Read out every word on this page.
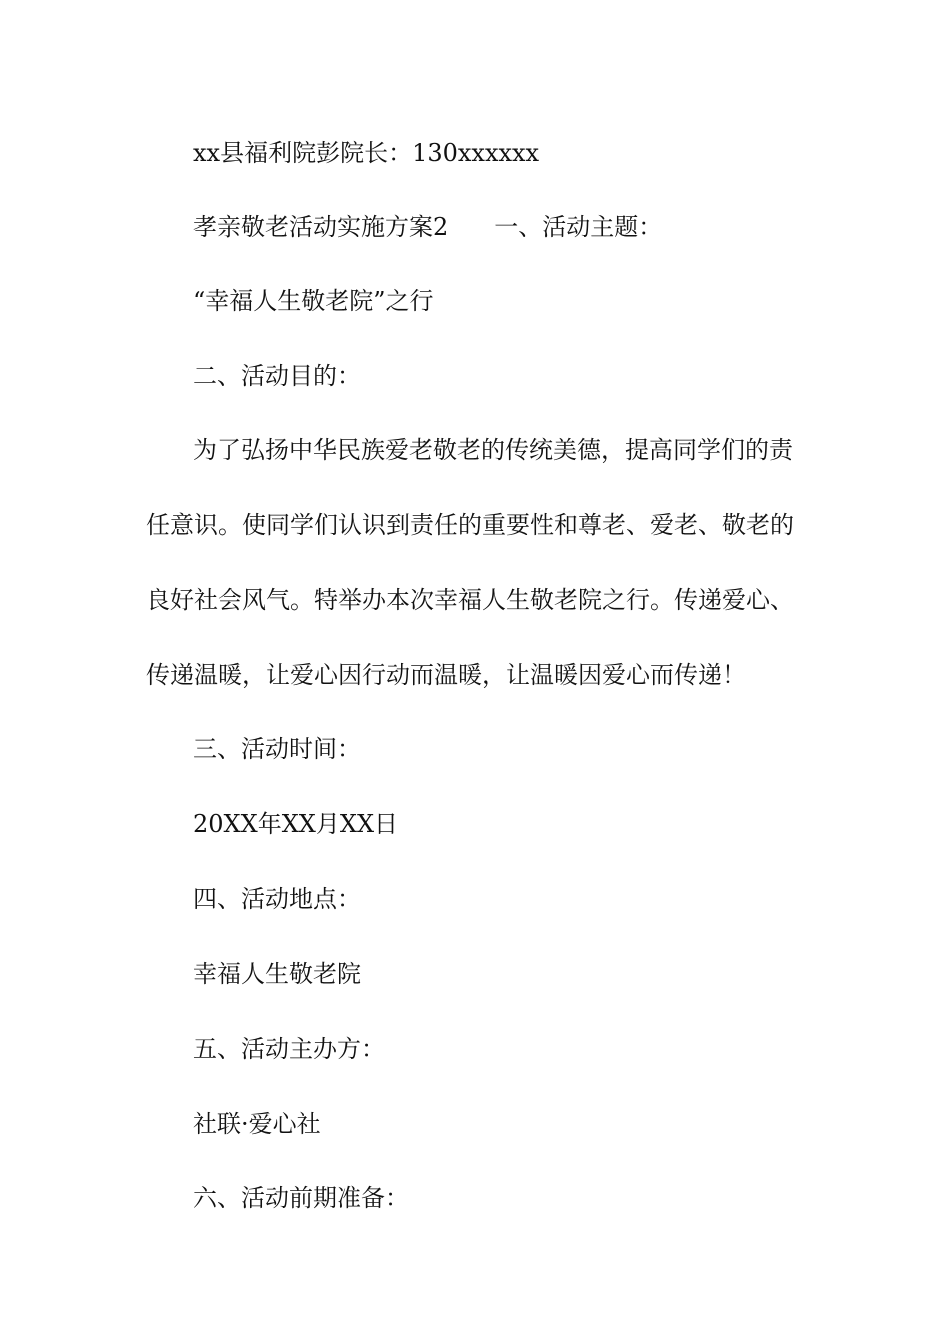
xx县福利院彭院长：130xxxxxx
孝亲敬老活动实施方案2 一、活动主题：
“幸福人生敬老院”之行
二、活动目的：
为了弘扬中华民族爱老敬老的传统美德，提高同学们的责
任意识。使同学们认识到责任的重要性和尊老、爱老、敬老的
良好社会风气。特举办本次幸福人生敬老院之行。传递爱心、
传递温暖，让爱心因行动而温暖，让温暖因爱心而传递！
三、活动时间：
20XX年XX月XX日
四、活动地点：
幸福人生敬老院
五、活动主办方：
社联·爱心社
六、活动前期准备：
